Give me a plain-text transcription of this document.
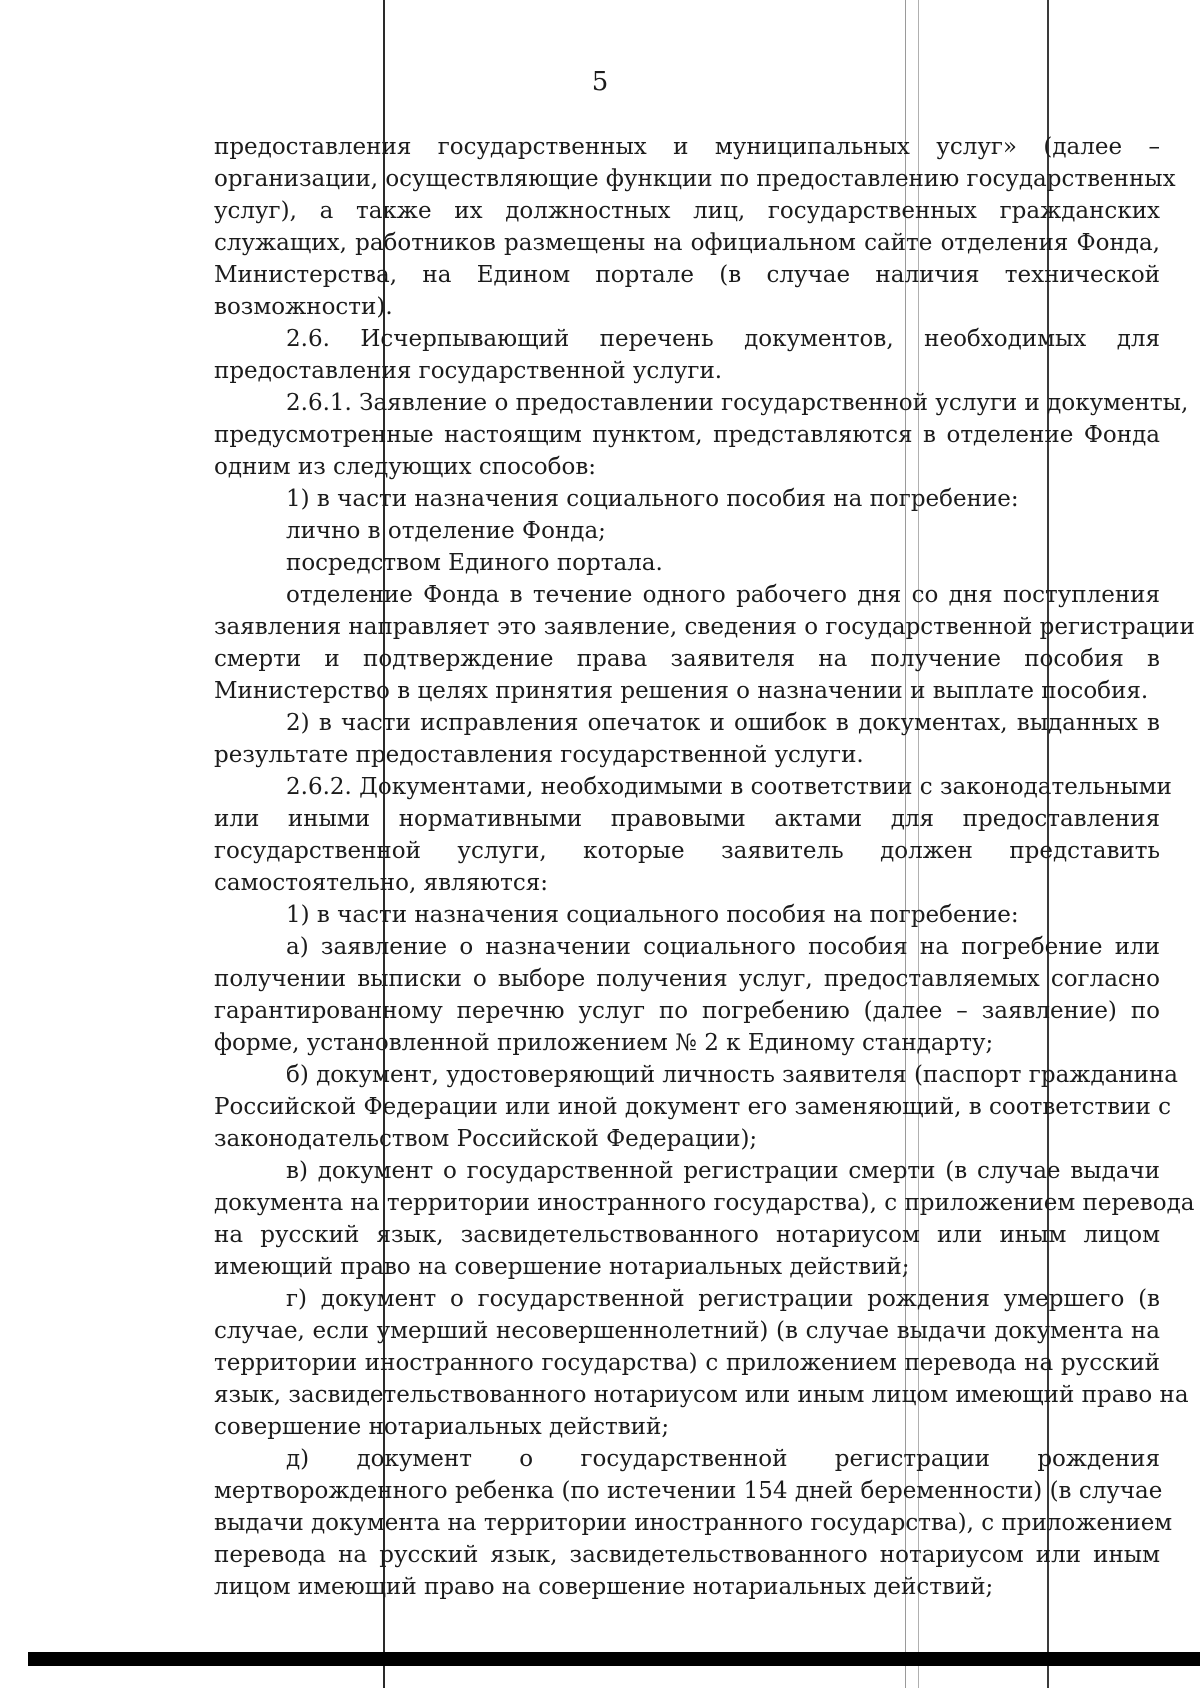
5
предоставления государственных и муниципальных услуг» (далее –
организации, осуществляющие функции по предоставлению государственных
услуг), а также их должностных лиц, государственных гражданских
служащих, работников размещены на официальном сайте отделения Фонда,
Министерства, на Едином портале (в случае наличия технической
возможности).
2.6. Исчерпывающий перечень документов, необходимых для
предоставления государственной услуги.
2.6.1. Заявление о предоставлении государственной услуги и документы,
предусмотренные настоящим пунктом, представляются в отделение Фонда
одним из следующих способов:
1) в части назначения социального пособия на погребение:
лично в отделение Фонда;
посредством Единого портала.
отделение Фонда в течение одного рабочего дня со дня поступления
заявления направляет это заявление, сведения о государственной регистрации
смерти и подтверждение права заявителя на получение пособия в
Министерство в целях принятия решения о назначении и выплате пособия.
2) в части исправления опечаток и ошибок в документах, выданных в
результате предоставления государственной услуги.
2.6.2. Документами, необходимыми в соответствии с законодательными
или иными нормативными правовыми актами для предоставления
государственной услуги, которые заявитель должен представить
самостоятельно, являются:
1) в части назначения социального пособия на погребение:
а) заявление о назначении социального пособия на погребение или
получении выписки о выборе получения услуг, предоставляемых согласно
гарантированному перечню услуг по погребению (далее – заявление) по
форме, установленной приложением № 2 к Единому стандарту;
б) документ, удостоверяющий личность заявителя (паспорт гражданина
Российской Федерации или иной документ его заменяющий, в соответствии с
законодательством Российской Федерации);
в) документ о государственной регистрации смерти (в случае выдачи
документа на территории иностранного государства), с приложением перевода
на русский язык, засвидетельствованного нотариусом или иным лицом
имеющий право на совершение нотариальных действий;
г) документ о государственной регистрации рождения умершего (в
случае, если умерший несовершеннолетний) (в случае выдачи документа на
территории иностранного государства) с приложением перевода на русский
язык, засвидетельствованного нотариусом или иным лицом имеющий право на
совершение нотариальных действий;
д) документ о государственной регистрации рождения
мертворожденного ребенка (по истечении 154 дней беременности) (в случае
выдачи документа на территории иностранного государства), с приложением
перевода на русский язык, засвидетельствованного нотариусом или иным
лицом имеющий право на совершение нотариальных действий;
